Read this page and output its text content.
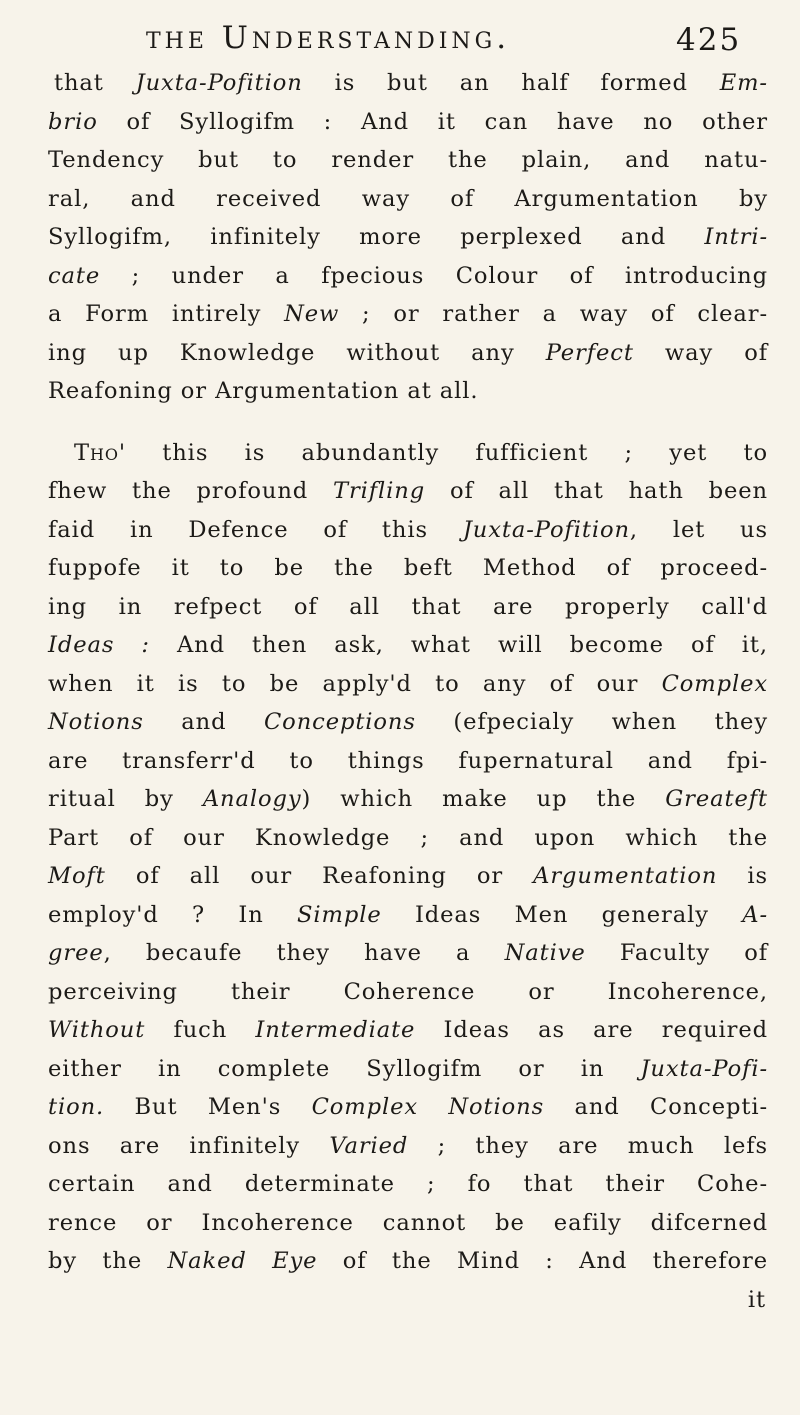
the Understanding.	425
that Juxta-Pofition is but an half formed Em-
brio of Syllogifm : And it can have no other
Tendency but to render the plain, and natu-
ral, and received way of Argumentation by
Syllogifm, infinitely more perplexed and Intri-
cate ; under a fpecious Colour of introducing
a Form intirely New ; or rather a way of clear-
ing up Knowledge without any Perfect way of
Reafoning or Argumentation at all.
Tho' this is abundantly fufficient ; yet to
fhew the profound Trifling of all that hath been
faid in Defence of this Juxta-Pofition, let us
fuppofe it to be the beft Method of proceed-
ing in refpect of all that are properly call'd
Ideas : And then ask, what will become of it,
when it is to be apply'd to any of our Complex
Notions and Conceptions (efpecialy when they
are transferr'd to things fupernatural and fpi-
ritual by Analogy) which make up the Greateft
Part of our Knowledge ; and upon which the
Moft of all our Reafoning or Argumentation is
employ'd ? In Simple Ideas Men generaly A-
gree, becaufe they have a Native Faculty of
perceiving their Coherence or Incoherence,
Without fuch Intermediate Ideas as are required
either in complete Syllogifm or in Juxta-Pofi-
tion. But Men's Complex Notions and Concepti-
ons are infinitely Varied ; they are much lefs
certain and determinate ; fo that their Cohe-
rence or Incoherence cannot be eafily difcerned
by the Naked Eye of the Mind : And therefore
it
